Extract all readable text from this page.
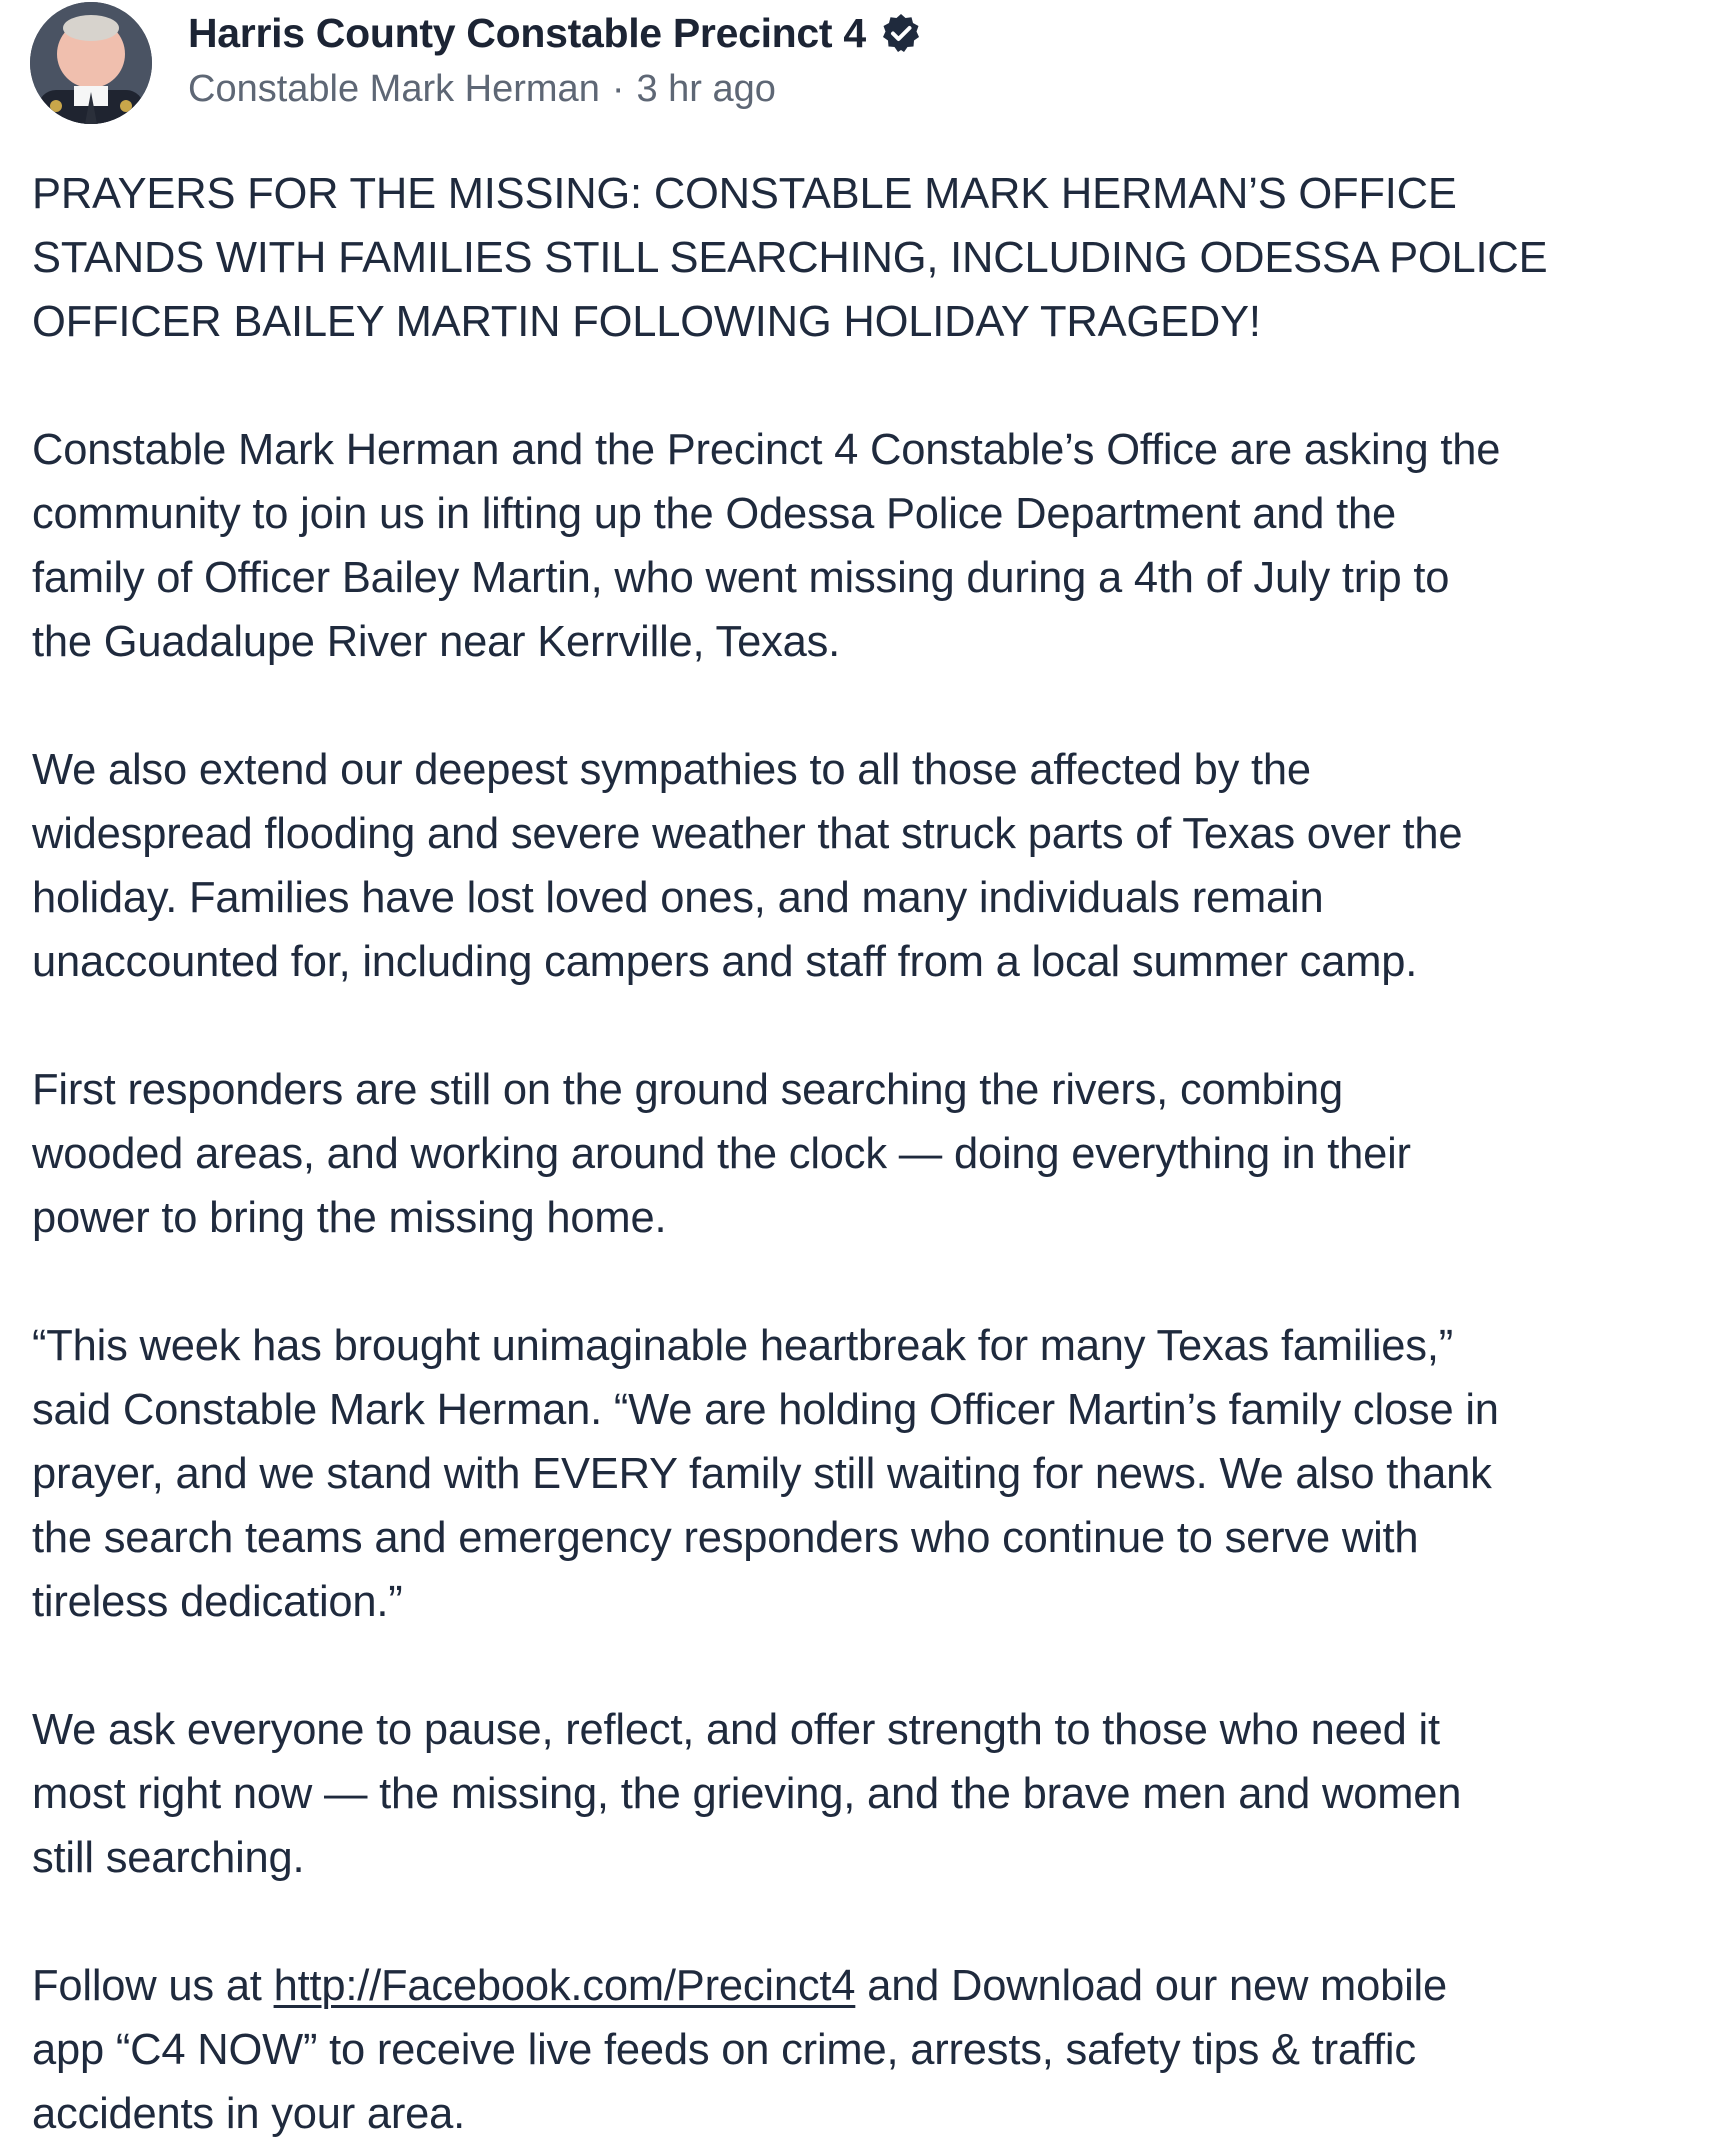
Harris County Constable Precinct 4
Constable Mark Herman · 3 hr ago

PRAYERS FOR THE MISSING: CONSTABLE MARK HERMAN’S OFFICE
STANDS WITH FAMILIES STILL SEARCHING, INCLUDING ODESSA POLICE
OFFICER BAILEY MARTIN FOLLOWING HOLIDAY TRAGEDY!

Constable Mark Herman and the Precinct 4 Constable’s Office are asking the
community to join us in lifting up the Odessa Police Department and the
family of Officer Bailey Martin, who went missing during a 4th of July trip to
the Guadalupe River near Kerrville, Texas.

We also extend our deepest sympathies to all those affected by the
widespread flooding and severe weather that struck parts of Texas over the
holiday. Families have lost loved ones, and many individuals remain
unaccounted for, including campers and staff from a local summer camp.

First responders are still on the ground searching the rivers, combing
wooded areas, and working around the clock — doing everything in their
power to bring the missing home.

“This week has brought unimaginable heartbreak for many Texas families,”
said Constable Mark Herman. “We are holding Officer Martin’s family close in
prayer, and we stand with EVERY family still waiting for news. We also thank
the search teams and emergency responders who continue to serve with
tireless dedication.”

We ask everyone to pause, reflect, and offer strength to those who need it
most right now — the missing, the grieving, and the brave men and women
still searching.

Follow us at http://Facebook.com/Precinct4 and Download our new mobile
app “C4 NOW” to receive live feeds on crime, arrests, safety tips & traffic
accidents in your area.
